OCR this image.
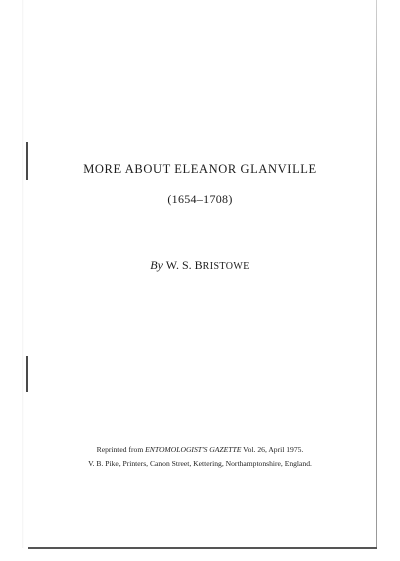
MORE ABOUT ELEANOR GLANVILLE
(1654–1708)
By W. S. BRISTOWE
Reprinted from ENTOMOLOGIST'S GAZETTE Vol. 26, April 1975.
V. B. Pike, Printers, Canon Street, Kettering, Northamptonshire, England.
